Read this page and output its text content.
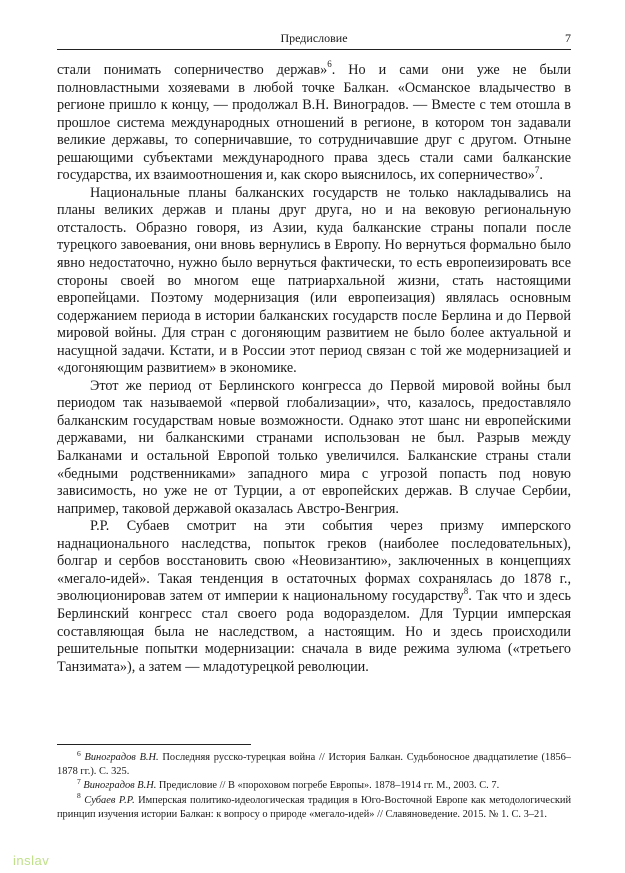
Предисловие	7

стали понимать соперничество держав»$^6$. Но и сами они уже не были полновластными хозяевами в любой точке Балкан. «Османское владычество в регионе пришло к концу, — продолжал В.Н. Виноградов. — Вместе с тем отошла в прошлое система международных отношений в регионе, в котором тон задавали великие державы, то соперничавшие, то сотрудничавшие друг с другом. Отныне решающими субъектами международного права здесь стали сами балканские государства, их взаимоотношения и, как скоро выяснилось, их соперничество»$^7$.

Национальные планы балканских государств не только накладывались на планы великих держав и планы друг друга, но и на вековую региональную отсталость. Образно говоря, из Азии, куда балканские страны попали после турецкого завоевания, они вновь вернулись в Европу. Но вернуться формально было явно недостаточно, нужно было вернуться фактически, то есть европеизировать все стороны своей во многом еще патриархальной жизни, стать настоящими европейцами. Поэтому модернизация (или европеизация) являлась основным содержанием периода в истории балканских государств после Берлина и до Первой мировой войны. Для стран с догоняющим развитием не было более актуальной и насущной задачи. Кстати, и в России этот период связан с той же модернизацией и «догоняющим развитием» в экономике.

Этот же период от Берлинского конгресса до Первой мировой войны был периодом так называемой «первой глобализации», что, казалось, предоставляло балканским государствам новые возможности. Однако этот шанс ни европейскими державами, ни балканскими странами использован не был. Разрыв между Балканами и остальной Европой только увеличился. Балканские страны стали «бедными родственниками» западного мира с угрозой попасть под новую зависимость, но уже не от Турции, а от европейских держав. В случае Сербии, например, таковой державой оказалась Австро-Венгрия.

Р.Р. Субаев смотрит на эти события через призму имперского наднационального наследства, попыток греков (наиболее последовательных), болгар и сербов восстановить свою «Неовизантию», заключенных в концепциях «мегало-идей». Такая тенденция в остаточных формах сохранялась до 1878 г., эволюционировав затем от империи к национальному государству$^8$. Так что и здесь Берлинский конгресс стал своего рода водоразделом. Для Турции имперская составляющая была не наследством, а настоящим. Но и здесь происходили решительные попытки модернизации: сначала в виде режима зулюма («третьего Танзимата»), а затем — младотурецкой революции.

$^6$ Виноградов В.Н. Последняя русско-турецкая война // История Балкан. Судьбоносное двадцатилетие (1856–1878 гг.). С. 325.

$^7$ Виноградов В.Н. Предисловие // В «пороховом погребе Европы». 1878–1914 гг. М., 2003. С. 7.

$^8$ Субаев Р.Р. Имперская политико-идеологическая традиция в Юго-Восточной Европе как методологический принцип изучения истории Балкан: к вопросу о природе «мегало-идей» // Славяноведение. 2015. № 1. С. 3–21.

inslav
